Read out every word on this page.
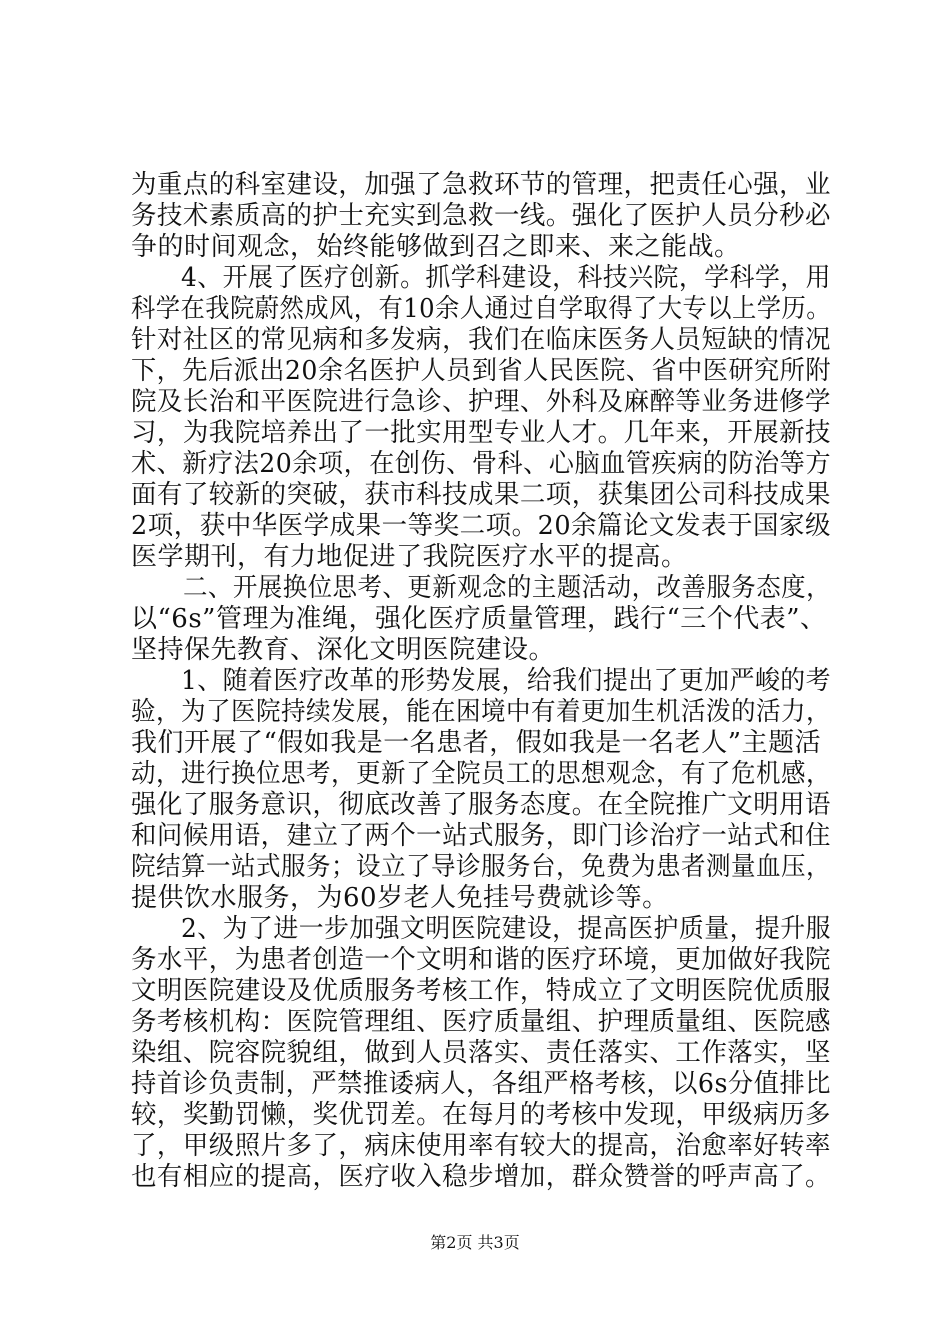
为重点的科室建设，加强了急救环节的管理，把责任心强，业
务技术素质高的护士充实到急救一线。强化了医护人员分秒必
争的时间观念，始终能够做到召之即来、来之能战。
4、开展了医疗创新。抓学科建设，科技兴院，学科学，用
科学在我院蔚然成风，有10余人通过自学取得了大专以上学历。
针对社区的常见病和多发病，我们在临床医务人员短缺的情况
下，先后派出20余名医护人员到省人民医院、省中医研究所附
院及长治和平医院进行急诊、护理、外科及麻醉等业务进修学
习，为我院培养出了一批实用型专业人才。几年来，开展新技
术、新疗法20余项，在创伤、骨科、心脑血管疾病的防治等方
面有了较新的突破，获市科技成果二项，获集团公司科技成果
2项，获中华医学成果一等奖二项。20余篇论文发表于国家级
医学期刊，有力地促进了我院医疗水平的提高。
二、开展换位思考、更新观念的主题活动，改善服务态度，
以“6s”管理为准绳，强化医疗质量管理，践行“三个代表”、
坚持保先教育、深化文明医院建设。
1、随着医疗改革的形势发展，给我们提出了更加严峻的考
验，为了医院持续发展，能在困境中有着更加生机活泼的活力，
我们开展了“假如我是一名患者，假如我是一名老人”主题活
动，进行换位思考，更新了全院员工的思想观念，有了危机感，
强化了服务意识，彻底改善了服务态度。在全院推广文明用语
和问候用语，建立了两个一站式服务，即门诊治疗一站式和住
院结算一站式服务；设立了导诊服务台，免费为患者测量血压，
提供饮水服务，为60岁老人免挂号费就诊等。
2、为了进一步加强文明医院建设，提高医护质量，提升服
务水平，为患者创造一个文明和谐的医疗环境，更加做好我院
文明医院建设及优质服务考核工作，特成立了文明医院优质服
务考核机构：医院管理组、医疗质量组、护理质量组、医院感
染组、院容院貌组，做到人员落实、责任落实、工作落实，坚
持首诊负责制，严禁推诿病人，各组严格考核，以6s分值排比
较，奖勤罚懒，奖优罚差。在每月的考核中发现，甲级病历多
了，甲级照片多了，病床使用率有较大的提高，治愈率好转率
也有相应的提高，医疗收入稳步增加，群众赞誉的呼声高了。
第2页 共3页
